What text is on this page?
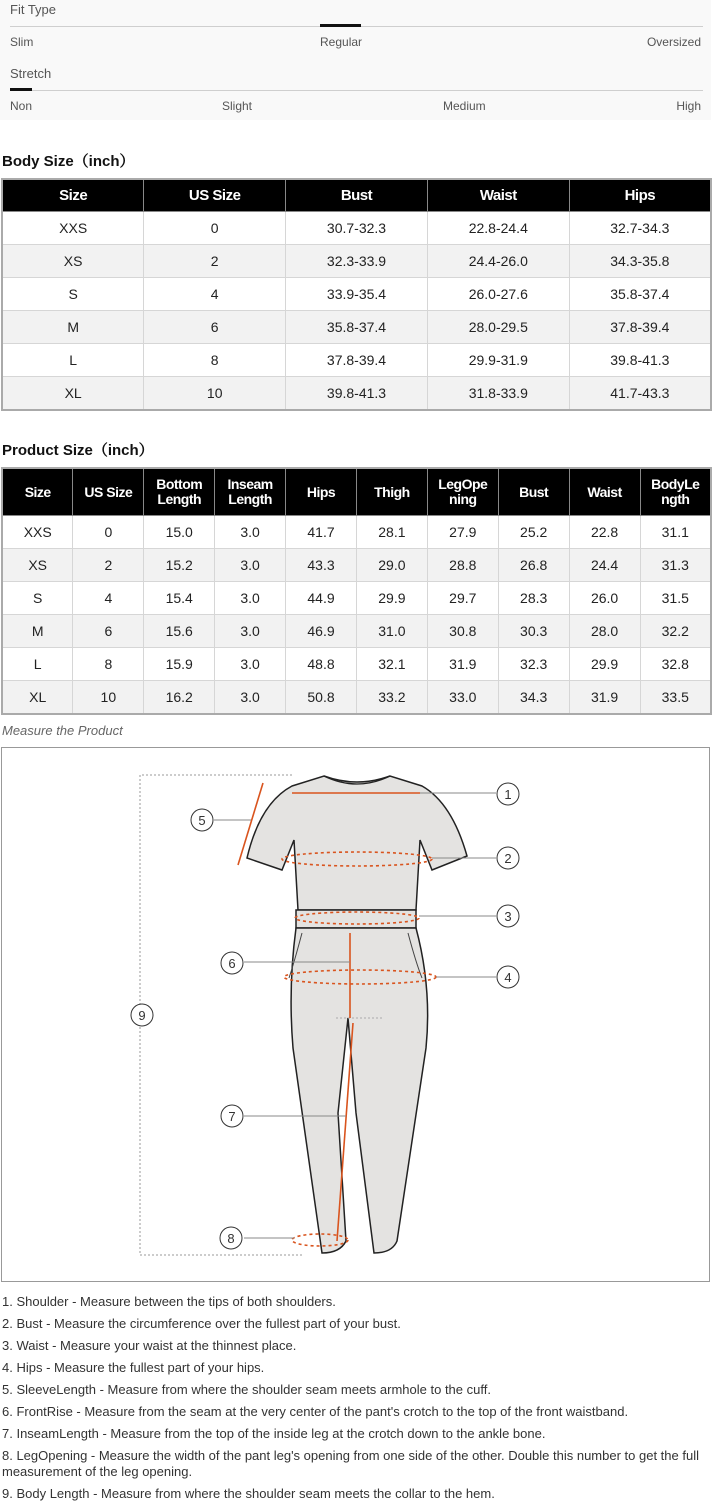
Fit Type
Slim	Regular	Oversized
Stretch
Non	Slight	Medium	High
Body Size（inch）
Size	US Size	Bust	Waist	Hips
XXS	0	30.7-32.3	22.8-24.4	32.7-34.3
XS	2	32.3-33.9	24.4-26.0	34.3-35.8
S	4	33.9-35.4	26.0-27.6	35.8-37.4
M	6	35.8-37.4	28.0-29.5	37.8-39.4
L	8	37.8-39.4	29.9-31.9	39.8-41.3
XL	10	39.8-41.3	31.8-33.9	41.7-43.3
Product Size（inch）
Size	US Size	Bottom Length	Inseam Length	Hips	Thigh	LegOpe ning	Bust	Waist	BodyLe ngth
XXS	0	15.0	3.0	41.7	28.1	27.9	25.2	22.8	31.1
XS	2	15.2	3.0	43.3	29.0	28.8	26.8	24.4	31.3
S	4	15.4	3.0	44.9	29.9	29.7	28.3	26.0	31.5
M	6	15.6	3.0	46.9	31.0	30.8	30.3	28.0	32.2
L	8	15.9	3.0	48.8	32.1	31.9	32.3	29.9	32.8
XL	10	16.2	3.0	50.8	33.2	33.0	34.3	31.9	33.5
Measure the Product
1
2
3
4
5
6
7
8
9
1. Shoulder - Measure between the tips of both shoulders.
2. Bust - Measure the circumference over the fullest part of your bust.
3. Waist - Measure your waist at the thinnest place.
4. Hips - Measure the fullest part of your hips.
5. SleeveLength - Measure from where the shoulder seam meets armhole to the cuff.
6. FrontRise - Measure from the seam at the very center of the pant's crotch to the top of the front waistband.
7. InseamLength - Measure from the top of the inside leg at the crotch down to the ankle bone.
8. LegOpening - Measure the width of the pant leg's opening from one side of the other. Double this number to get the full measurement of the leg opening.
9. Body Length - Measure from where the shoulder seam meets the collar to the hem.
